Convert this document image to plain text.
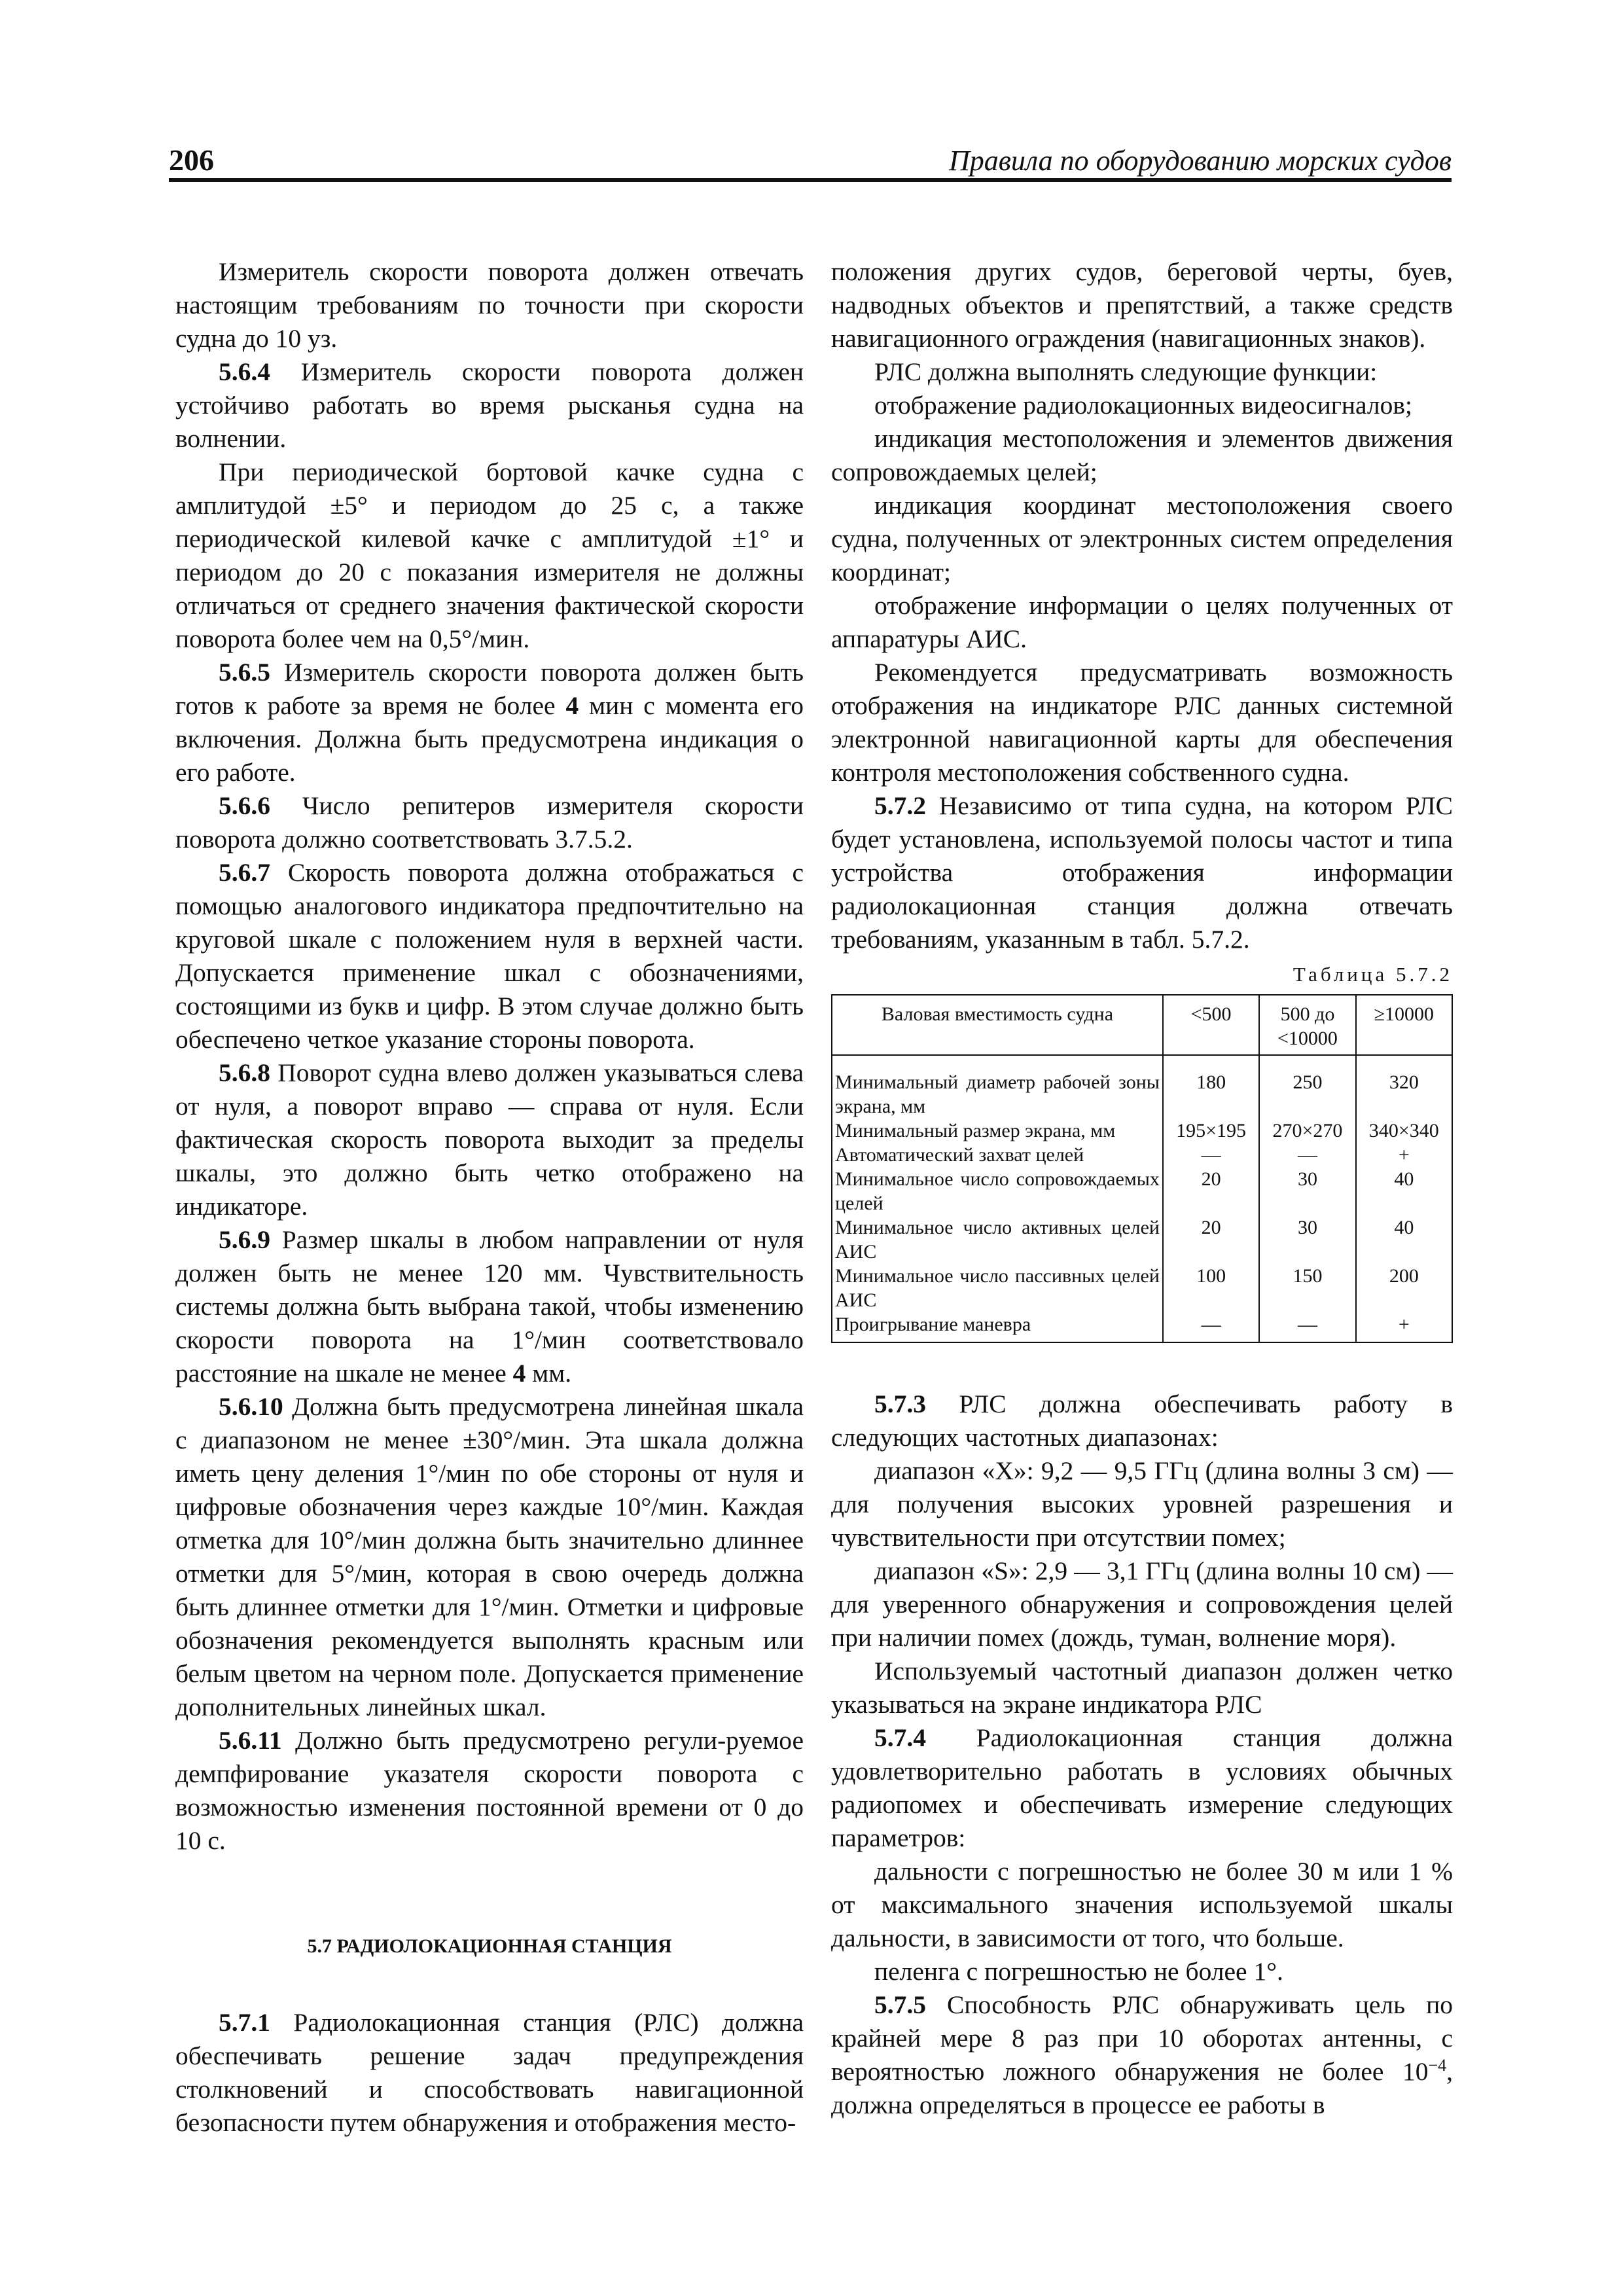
206	Правила по оборудованию морских судов

Измеритель скорости поворота должен отвечать настоящим требованиям по точности при скорости судна до 10 уз.

5.6.4 Измеритель скорости поворота должен устойчиво работать во время рысканья судна на волнении.

При периодической бортовой качке судна с амплитудой ±5° и периодом до 25 с, а также периодической килевой качке с амплитудой ±1° и периодом до 20 с показания измерителя не должны отличаться от среднего значения фактической скорости поворота более чем на 0,5°/мин.

5.6.5 Измеритель скорости поворота должен быть готов к работе за время не более 4 мин с момента его включения. Должна быть предусмотрена индикация о его работе.

5.6.6 Число репитеров измерителя скорости поворота должно соответствовать 3.7.5.2.

5.6.7 Скорость поворота должна отображаться с помощью аналогового индикатора предпочтительно на круговой шкале с положением нуля в верхней части. Допускается применение шкал с обозначениями, состоящими из букв и цифр. В этом случае должно быть обеспечено четкое указание стороны поворота.

5.6.8 Поворот судна влево должен указываться слева от нуля, а поворот вправо — справа от нуля. Если фактическая скорость поворота выходит за пределы шкалы, это должно быть четко отображено на индикаторе.

5.6.9 Размер шкалы в любом направлении от нуля должен быть не менее 120 мм. Чувствительность системы должна быть выбрана такой, чтобы изменению скорости поворота на 1°/мин соответствовало расстояние на шкале не менее 4 мм.

5.6.10 Должна быть предусмотрена линейная шкала с диапазоном не менее ±30°/мин. Эта шкала должна иметь цену деления 1°/мин по обе стороны от нуля и цифровые обозначения через каждые 10°/мин. Каждая отметка для 10°/мин должна быть значительно длиннее отметки для 5°/мин, которая в свою очередь должна быть длиннее отметки для 1°/мин. Отметки и цифровые обозначения рекомендуется выполнять красным или белым цветом на черном поле. Допускается применение дополнительных линейных шкал.

5.6.11 Должно быть предусмотрено регули-руемое демпфирование указателя скорости поворота с возможностью изменения постоянной времени от 0 до 10 с.

5.7 РАДИОЛОКАЦИОННАЯ СТАНЦИЯ

5.7.1 Радиолокационная станция (РЛС) должна обеспечивать решение задач предупреждения столкновений и способствовать навигационной безопасности путем обнаружения и отображения место-

положения других судов, береговой черты, буев, надводных объектов и препятствий, а также средств навигационного ограждения (навигационных знаков).

РЛС должна выполнять следующие функции:

отображение радиолокационных видеосигналов;

индикация местоположения и элементов движения сопровождаемых целей;

индикация координат местоположения своего судна, полученных от электронных систем определения координат;

отображение информации о целях полученных от аппаратуры АИС.

Рекомендуется предусматривать возможность отображения на индикаторе РЛС данных системной электронной навигационной карты для обеспечения контроля местоположения собственного судна.

5.7.2 Независимо от типа судна, на котором РЛС будет установлена, используемой полосы частот и типа устройства отображения информации радиолокационная станция должна отвечать требованиям, указанным в табл. 5.7.2.

Таблица 5.7.2
Валовая вместимость судна	<500	500 до <10000	≥10000
Минимальный диаметр рабочей зоны экрана, мм	180	250	320
Минимальный размер экрана, мм	195×195	270×270	340×340
Автоматический захват целей	—	—	+
Минимальное число сопровождаемых целей	20	30	40
Минимальное число активных целей АИС	20	30	40
Минимальное число пассивных целей АИС	100	150	200
Проигрывание маневра	—	—	+

5.7.3 РЛС должна обеспечивать работу в следующих частотных диапазонах:

диапазон «X»: 9,2 — 9,5 ГГц (длина волны 3 см) — для получения высоких уровней разрешения и чувствительности при отсутствии помех;

диапазон «S»: 2,9 — 3,1 ГГц (длина волны 10 см) — для уверенного обнаружения и сопровождения целей при наличии помех (дождь, туман, волнение моря).

Используемый частотный диапазон должен четко указываться на экране индикатора РЛС

5.7.4 Радиолокационная станция должна удовлетворительно работать в условиях обычных радиопомех и обеспечивать измерение следующих параметров:

дальности с погрешностью не более 30 м или 1 % от максимального значения используемой шкалы дальности, в зависимости от того, что больше.

пеленга с погрешностью не более 1°.

5.7.5 Способность РЛС обнаруживать цель по крайней мере 8 раз при 10 оборотах антенны, с вероятностью ложного обнаружения не более $10^{-4}$, должна определяться в процессе ее работы в
